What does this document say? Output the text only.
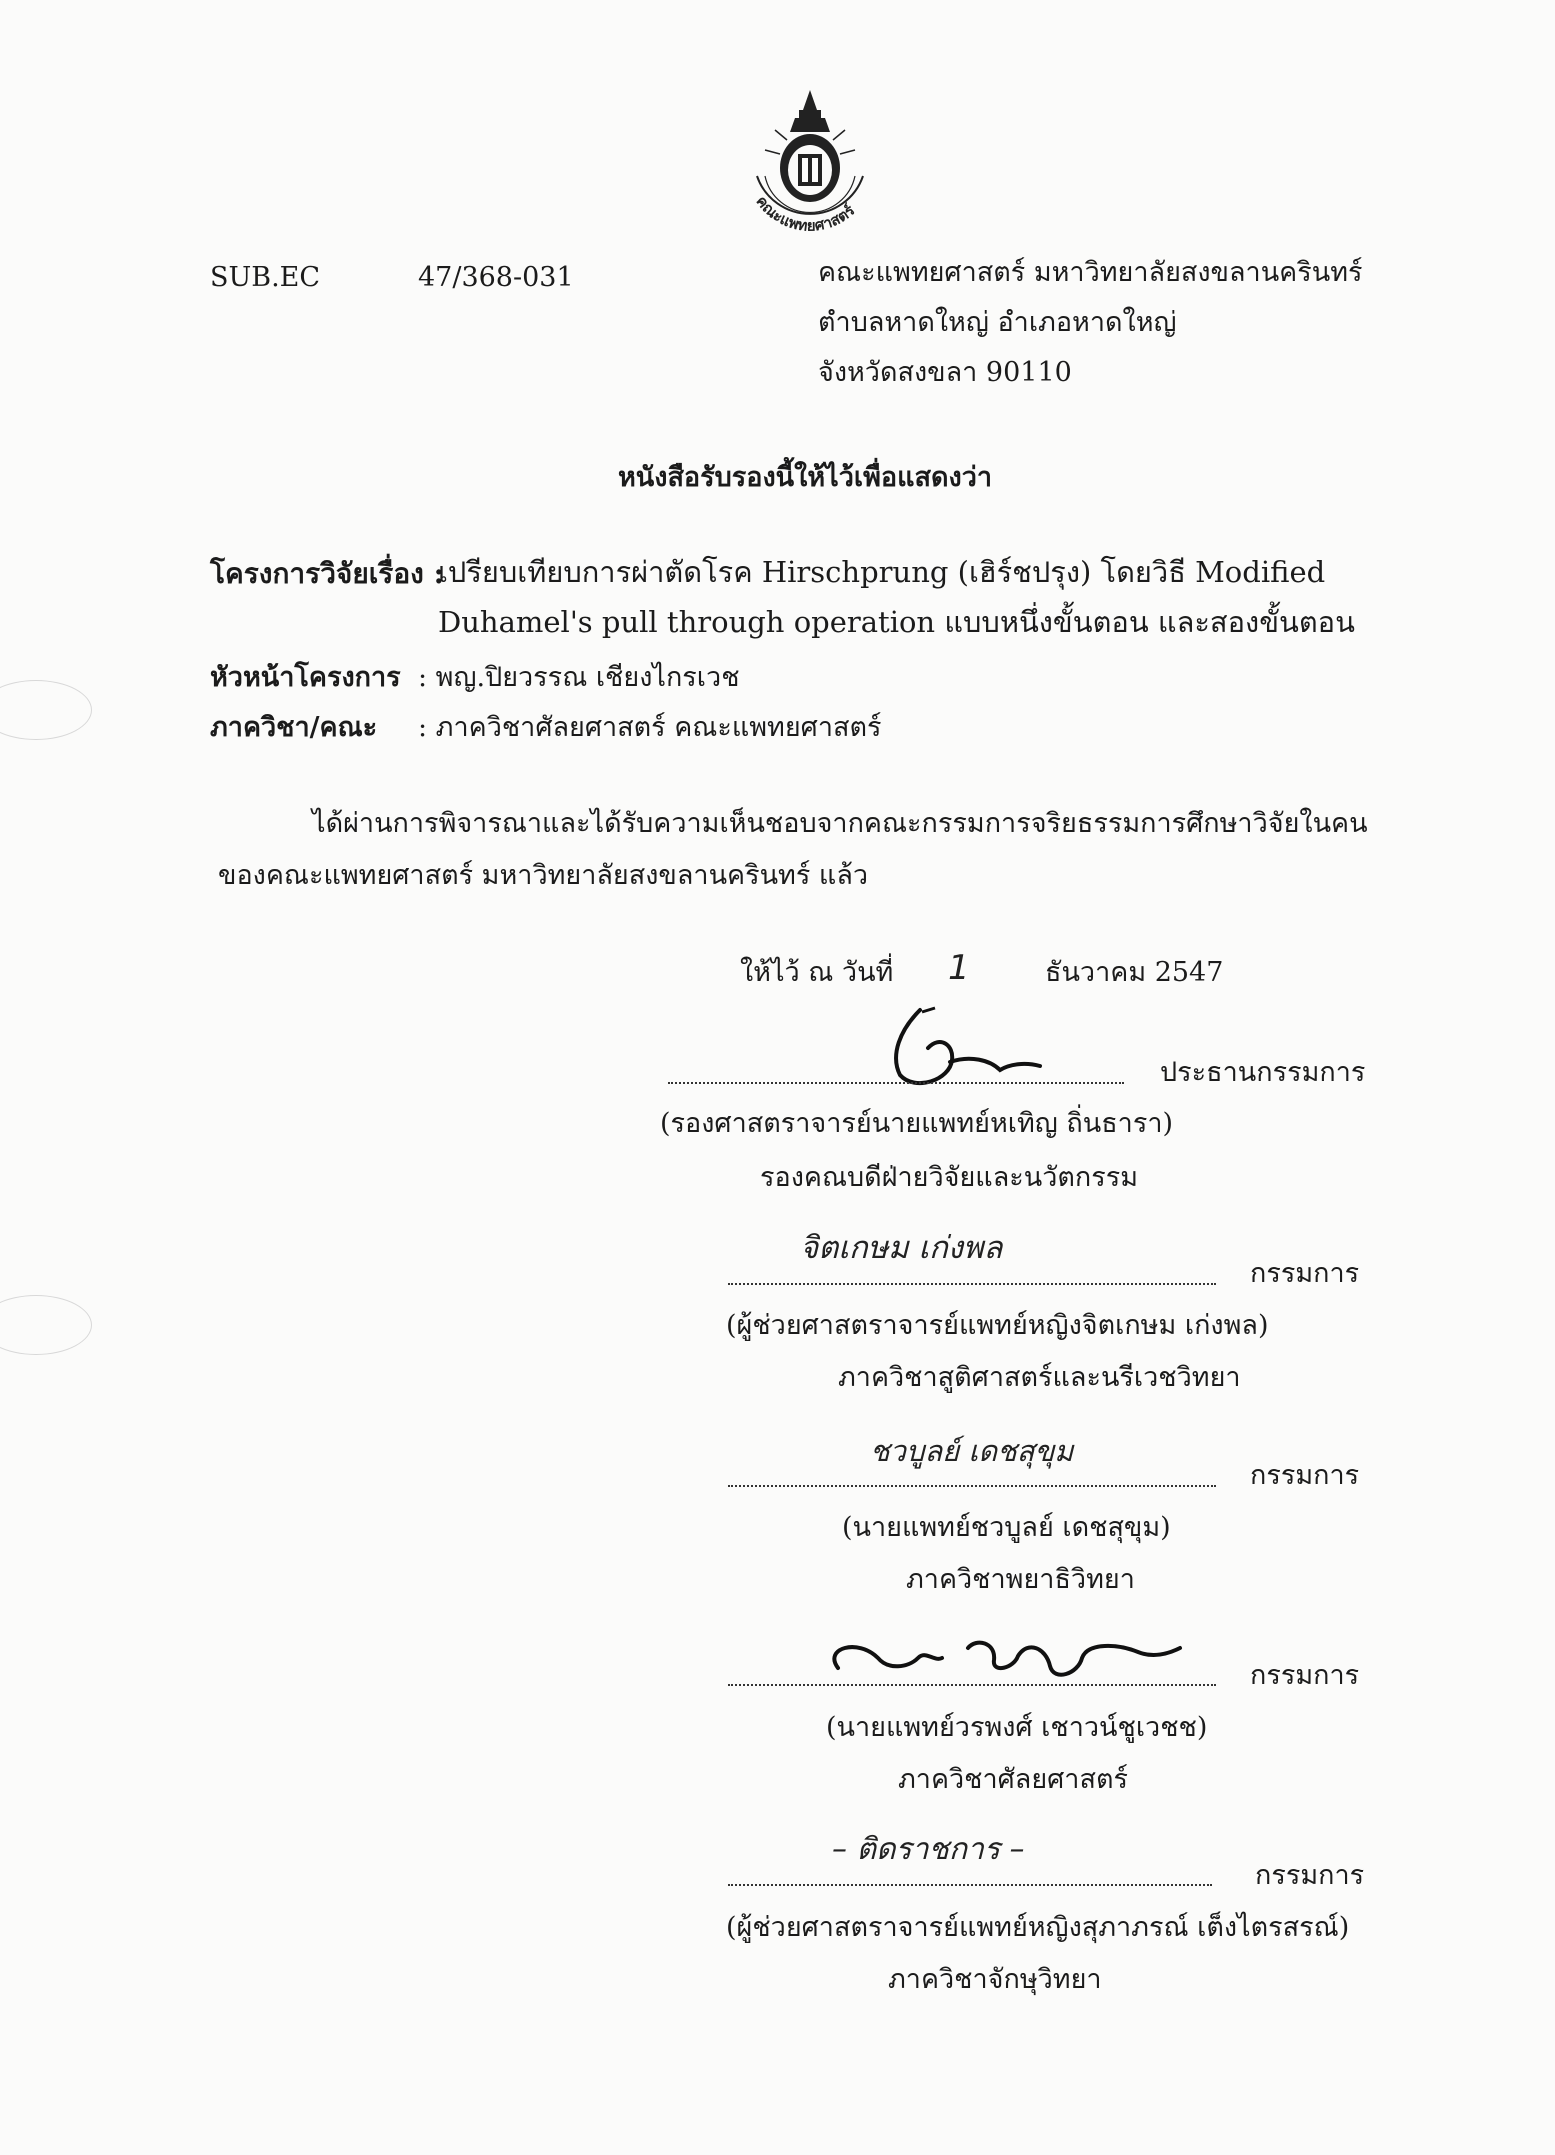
คณะแพทยศาสตร์
SUB.EC	47/368-031	คณะแพทยศาสตร์ มหาวิทยาลัยสงขลานครินทร์
ตำบลหาดใหญ่ อำเภอหาดใหญ่
จังหวัดสงขลา 90110
หนังสือรับรองนี้ให้ไว้เพื่อแสดงว่า
โครงการวิจัยเรื่อง :
เปรียบเทียบการผ่าตัดโรค Hirschprung (เฮิร์ชปรุง) โดยวิธี Modified
Duhamel's pull through operation แบบหนึ่งขั้นตอน และสองขั้นตอน
หัวหน้าโครงการ : พญ.ปิยวรรณ เชียงไกรเวช
ภาควิชา/คณะ : ภาควิชาศัลยศาสตร์ คณะแพทยศาสตร์
ได้ผ่านการพิจารณาและได้รับความเห็นชอบจากคณะกรรมการจริยธรรมการศึกษาวิจัยในคน
ของคณะแพทยศาสตร์ มหาวิทยาลัยสงขลานครินทร์ แล้ว
ให้ไว้ ณ วันที่ 1	ธันวาคม 2547
ประธานกรรมการ
(รองศาสตราจารย์นายแพทย์หเทิญ ถิ่นธารา)
รองคณบดีฝ่ายวิจัยและนวัตกรรม
จิตเกษม เก่งพล
กรรมการ
(ผู้ช่วยศาสตราจารย์แพทย์หญิงจิตเกษม เก่งพล)
ภาควิชาสูติศาสตร์และนรีเวชวิทยา
ชวบูลย์ เดชสุขุม
กรรมการ
(นายแพทย์ชวบูลย์ เดชสุขุม)
ภาควิชาพยาธิวิทยา
กรรมการ
(นายแพทย์วรพงศ์ เชาวน์ชูเวชช)
ภาควิชาศัลยศาสตร์
– ติดราชการ –
กรรมการ
(ผู้ช่วยศาสตราจารย์แพทย์หญิงสุภาภรณ์ เต็งไตรสรณ์)
ภาควิชาจักษุวิทยา
